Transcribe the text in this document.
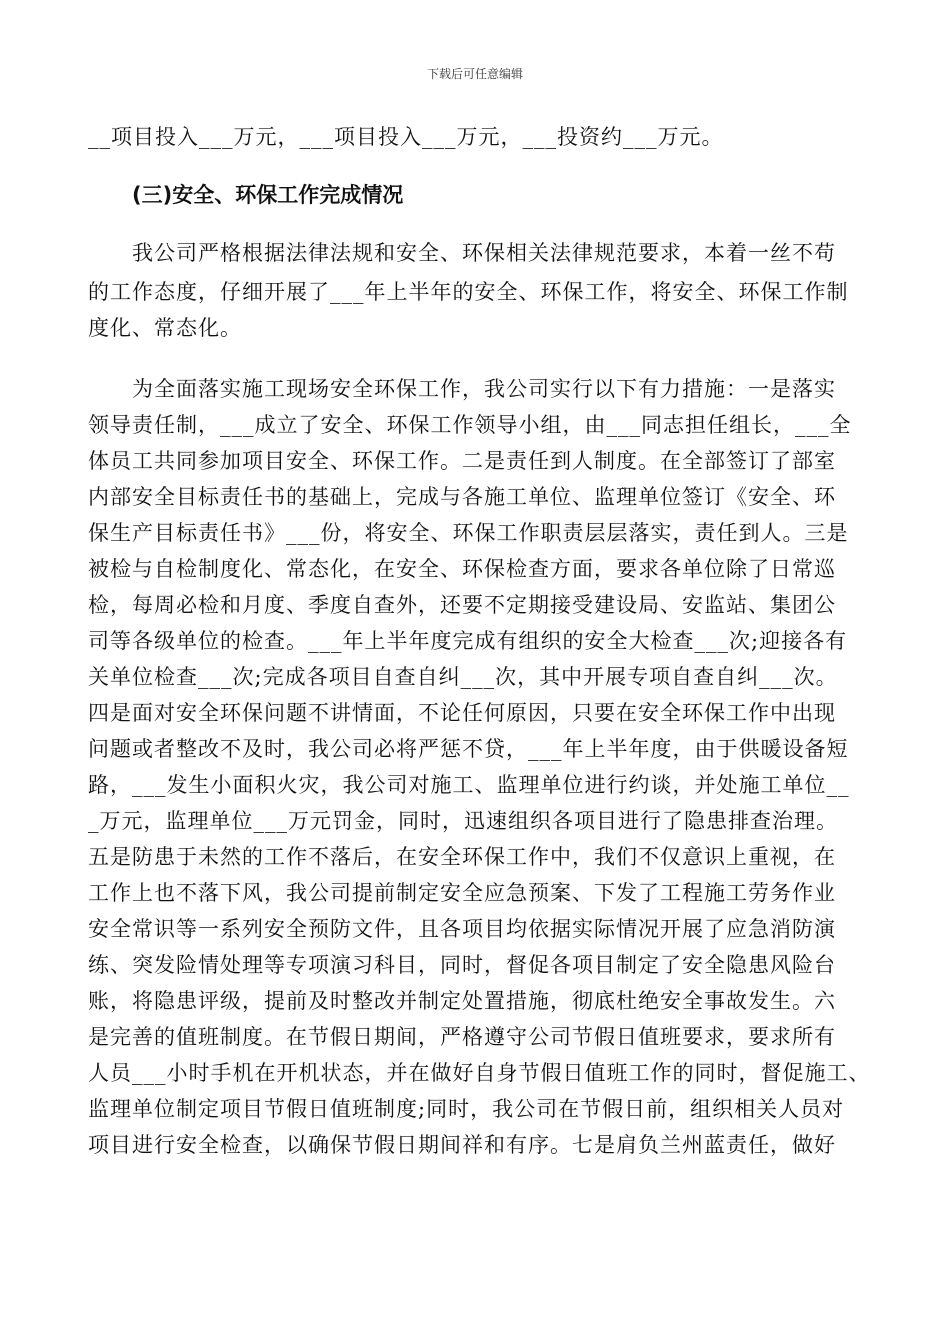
下载后可任意编辑
__项目投入___万元，___项目投入___万元，___投资约___万元。
(三)安全、环保工作完成情况
我公司严格根据法律法规和安全、环保相关法律规范要求，本着一丝不苟
的工作态度，仔细开展了___年上半年的安全、环保工作，将安全、环保工作制
度化、常态化。
为全面落实施工现场安全环保工作，我公司实行以下有力措施：一是落实
领导责任制，___成立了安全、环保工作领导小组，由___同志担任组长，___全
体员工共同参加项目安全、环保工作。二是责任到人制度。在全部签订了部室
内部安全目标责任书的基础上，完成与各施工单位、监理单位签订《安全、环
保生产目标责任书》___份，将安全、环保工作职责层层落实，责任到人。三是
被检与自检制度化、常态化，在安全、环保检查方面，要求各单位除了日常巡
检，每周必检和月度、季度自查外，还要不定期接受建设局、安监站、集团公
司等各级单位的检查。___年上半年度完成有组织的安全大检查___次;迎接各有
关单位检查___次;完成各项目自查自纠___次，其中开展专项自查自纠___次。
四是面对安全环保问题不讲情面，不论任何原因，只要在安全环保工作中出现
问题或者整改不及时，我公司必将严惩不贷，___年上半年度，由于供暖设备短
路，___发生小面积火灾，我公司对施工、监理单位进行约谈，并处施工单位__
_万元，监理单位___万元罚金，同时，迅速组织各项目进行了隐患排查治理。
五是防患于未然的工作不落后，在安全环保工作中，我们不仅意识上重视，在
工作上也不落下风，我公司提前制定安全应急预案、下发了工程施工劳务作业
安全常识等一系列安全预防文件，且各项目均依据实际情况开展了应急消防演
练、突发险情处理等专项演习科目，同时，督促各项目制定了安全隐患风险台
账，将隐患评级，提前及时整改并制定处置措施，彻底杜绝安全事故发生。六
是完善的值班制度。在节假日期间，严格遵守公司节假日值班要求，要求所有
人员___小时手机在开机状态，并在做好自身节假日值班工作的同时，督促施工、
监理单位制定项目节假日值班制度;同时，我公司在节假日前，组织相关人员对
项目进行安全检查，以确保节假日期间祥和有序。七是肩负兰州蓝责任，做好
